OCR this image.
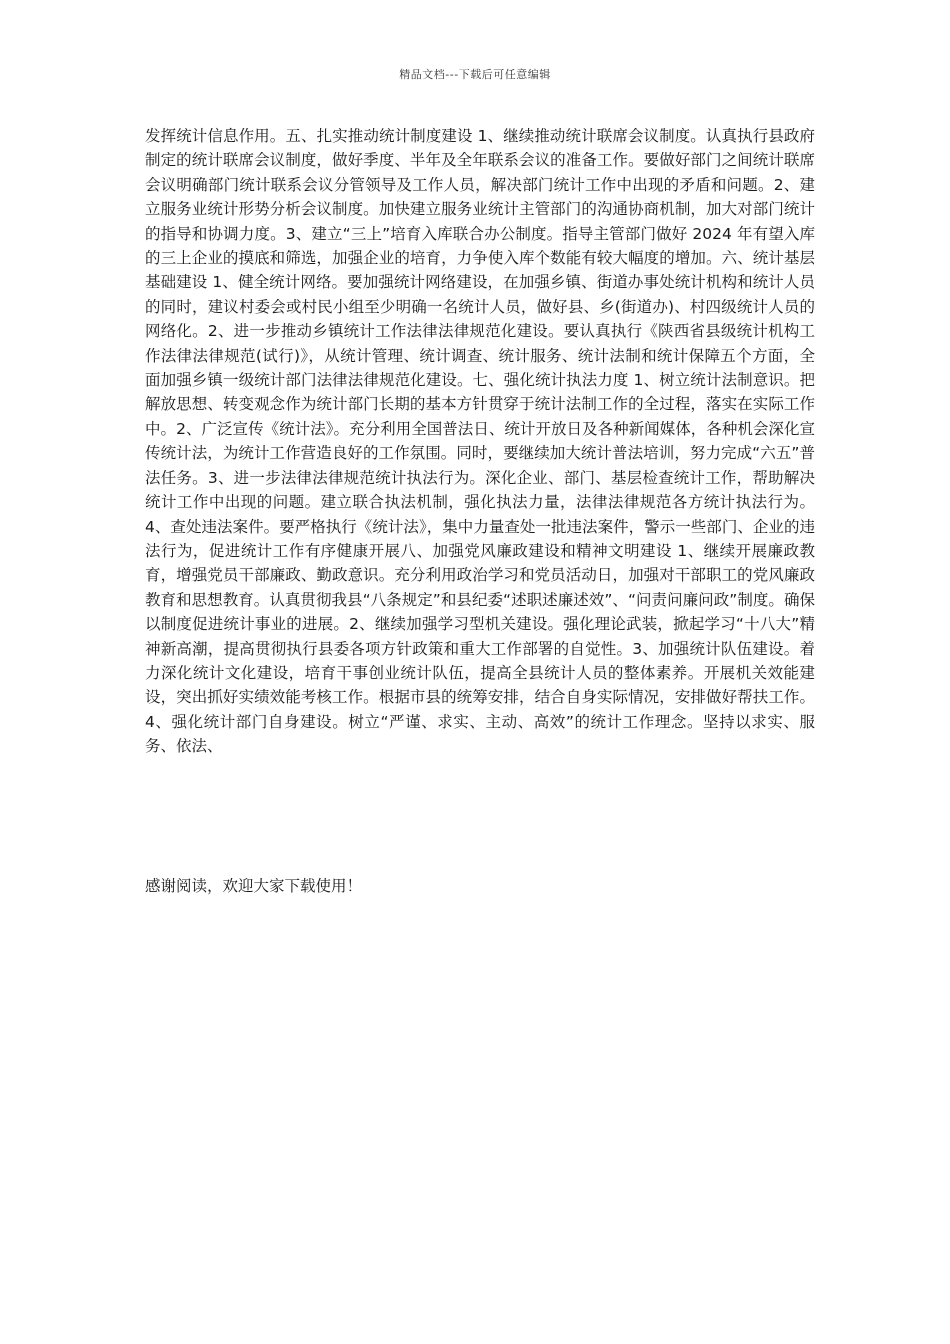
精品文档---下载后可任意编辑

发挥统计信息作用。五、扎实推动统计制度建设 1、继续推动统计联席会议制度。认真执行县政府制定的统计联席会议制度，做好季度、半年及全年联系会议的准备工作。要做好部门之间统计联席会议明确部门统计联系会议分管领导及工作人员，解决部门统计工作中出现的矛盾和问题。2、建立服务业统计形势分析会议制度。加快建立服务业统计主管部门的沟通协商机制，加大对部门统计的指导和协调力度。3、建立“三上”培育入库联合办公制度。指导主管部门做好 2024 年有望入库的三上企业的摸底和筛选，加强企业的培育，力争使入库个数能有较大幅度的增加。六、统计基层基础建设 1、健全统计网络。要加强统计网络建设，在加强乡镇、街道办事处统计机构和统计人员的同时，建议村委会或村民小组至少明确一名统计人员，做好县、乡(街道办)、村四级统计人员的网络化。2、进一步推动乡镇统计工作法律法律规范化建设。要认真执行《陕西省县级统计机构工作法律法律规范(试行)》，从统计管理、统计调查、统计服务、统计法制和统计保障五个方面，全面加强乡镇一级统计部门法律法律规范化建设。七、强化统计执法力度 1、树立统计法制意识。把解放思想、转变观念作为统计部门长期的基本方针贯穿于统计法制工作的全过程，落实在实际工作中。2、广泛宣传《统计法》。充分利用全国普法日、统计开放日及各种新闻媒体，各种机会深化宣传统计法，为统计工作营造良好的工作氛围。同时，要继续加大统计普法培训，努力完成“六五”普法任务。3、进一步法律法律规范统计执法行为。深化企业、部门、基层检查统计工作，帮助解决统计工作中出现的问题。建立联合执法机制，强化执法力量，法律法律规范各方统计执法行为。4、查处违法案件。要严格执行《统计法》，集中力量查处一批违法案件，警示一些部门、企业的违法行为，促进统计工作有序健康开展八、加强党风廉政建设和精神文明建设 1、继续开展廉政教育，增强党员干部廉政、勤政意识。充分利用政治学习和党员活动日，加强对干部职工的党风廉政教育和思想教育。认真贯彻我县“八条规定”和县纪委“述职述廉述效”、“问责问廉问政”制度。确保以制度促进统计事业的进展。2、继续加强学习型机关建设。强化理论武装，掀起学习“十八大”精神新高潮，提高贯彻执行县委各项方针政策和重大工作部署的自觉性。3、加强统计队伍建设。着力深化统计文化建设，培育干事创业统计队伍，提高全县统计人员的整体素养。开展机关效能建设，突出抓好实绩效能考核工作。根据市县的统筹安排，结合自身实际情况，安排做好帮扶工作。4、强化统计部门自身建设。树立“严谨、求实、主动、高效”的统计工作理念。坚持以求实、服务、依法、

感谢阅读，欢迎大家下载使用！
